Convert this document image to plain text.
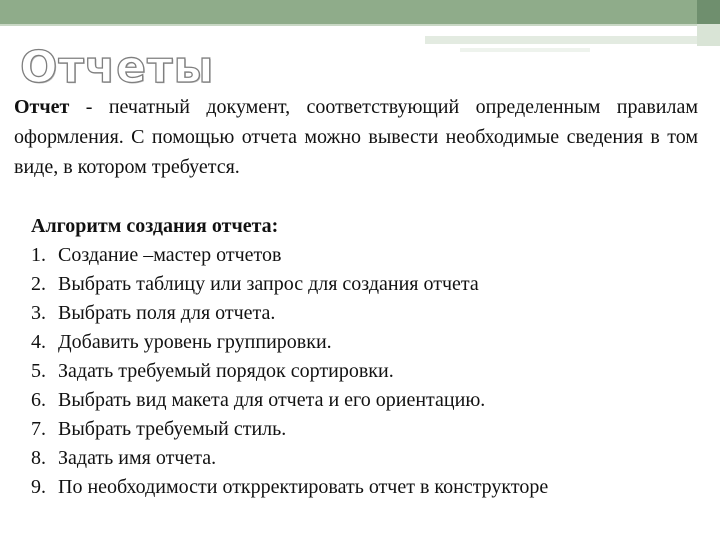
Отчеты

Отчет - печатный документ, соответствующий определенным правилам оформления. С помощью отчета можно вывести необходимые сведения в том виде, в котором требуется.

Алгоритм создания отчета:

1. Создание –мастер отчетов
2. Выбрать таблицу или запрос для создания отчета
3. Выбрать поля для отчета.
4. Добавить уровень группировки.
5. Задать требуемый порядок сортировки.
6. Выбрать вид макета для отчета и его ориентацию.
7. Выбрать требуемый стиль.
8. Задать имя отчета.
9. По необходимости открректировать отчет в конструкторе
